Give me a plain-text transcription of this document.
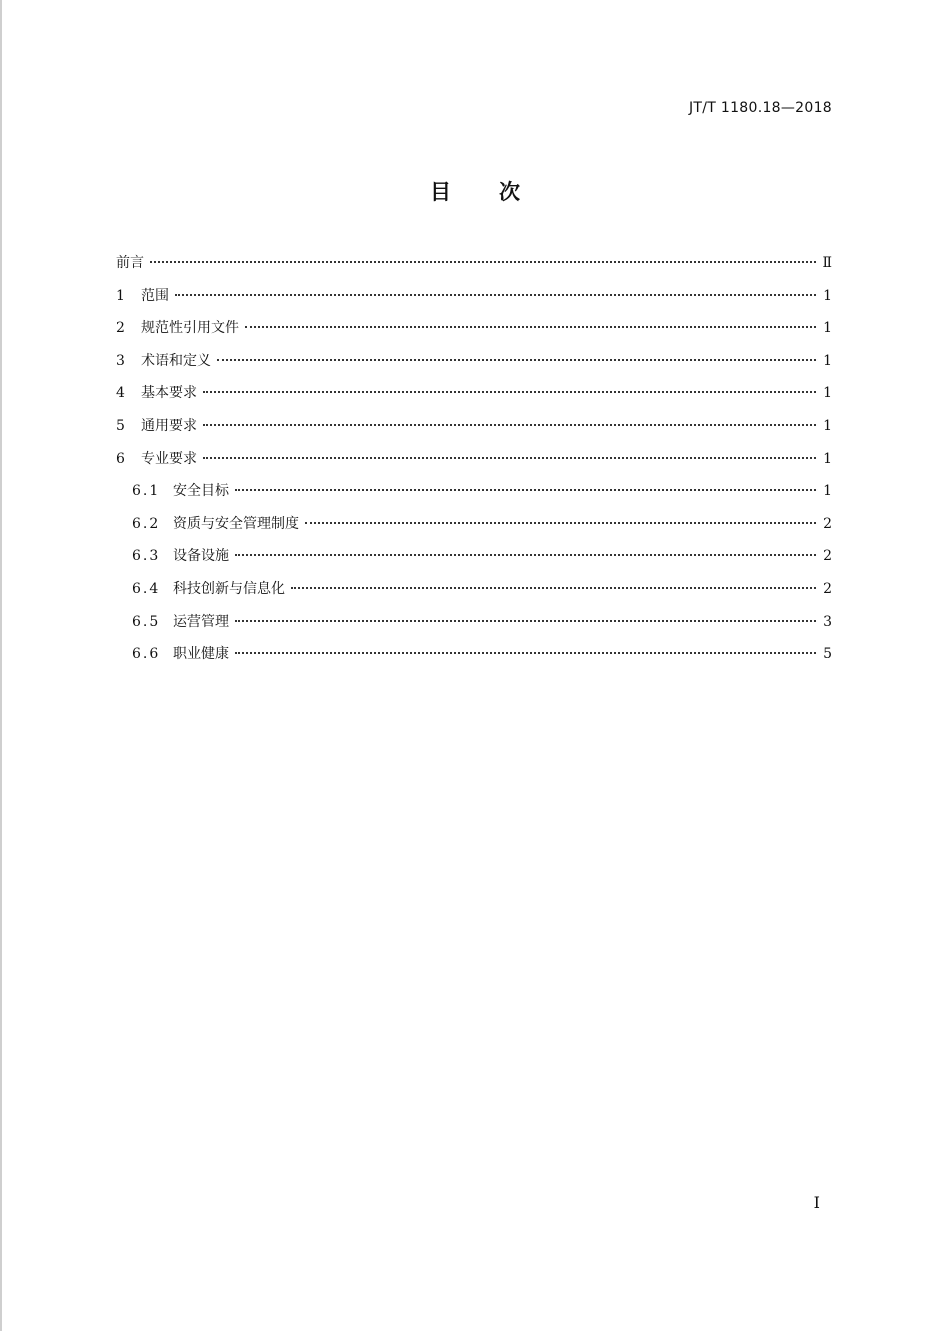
JT/T 1180.18—2018
目次
前言	Ⅱ
1	范围	1
2	规范性引用文件	1
3	术语和定义	1
4	基本要求	1
5	通用要求	1
6	专业要求	1
6.1 安全目标	1
6.2 资质与安全管理制度	2
6.3 设备设施	2
6.4 科技创新与信息化	2
6.5 运营管理	3
6.6 职业健康	5
I
